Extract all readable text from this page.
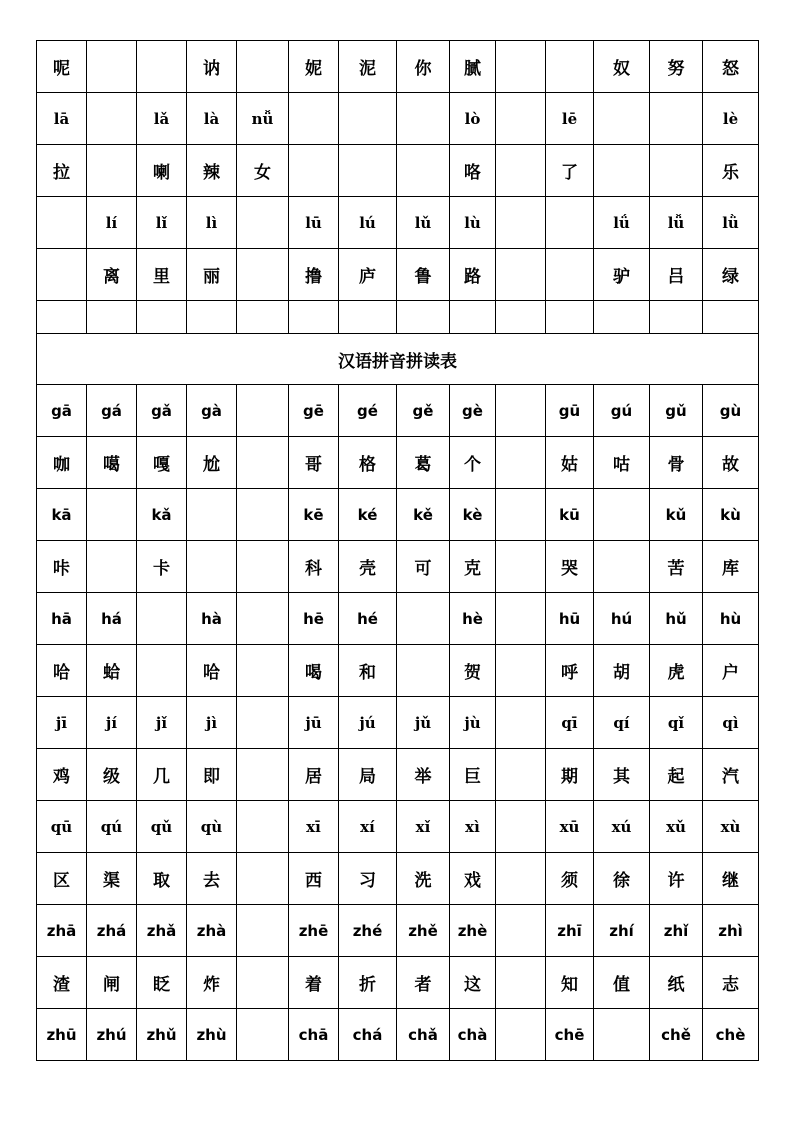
呢			讷		妮	泥	你	腻			奴	努	怒
lā		lǎ	là	nǚ				lò		lē			lè
拉		喇	辣	女				咯		了			乐
	lí	lǐ	lì		lū	lú	lǔ	lù			lǘ	lǚ	lǜ
	离	里	丽		撸	庐	鲁	路			驴	吕	绿

汉语拼音拼读表													
gā	gá	gǎ	gà		gē	gé	gě	gè		gū	gú	gǔ	gù
咖	噶	嘎	尬		哥	格	葛	个		姑	咕	骨	故
kā		kǎ			kē	ké	kě	kè		kū		kǔ	kù
咔		卡			科	壳	可	克		哭		苦	库
hā	há		hà		hē	hé		hè		hū	hú	hǔ	hù
哈	蛤		哈		喝	和		贺		呼	胡	虎	户
jī	jí	jǐ	jì		jū	jú	jǔ	jù		qī	qí	qǐ	qì
鸡	级	几	即		居	局	举	巨		期	其	起	汽
qū	qú	qǔ	qù		xī	xí	xǐ	xì		xū	xú	xǔ	xù
区	渠	取	去		西	习	洗	戏		须	徐	许	继
zhā	zhá	zhǎ	zhà		zhē	zhé	zhě	zhè		zhī	zhí	zhǐ	zhì
渣	闸	眨	炸		着	折	者	这		知	值	纸	志
zhū	zhú	zhǔ	zhù		chā	chá	chǎ	chà		chē		chě	chè
